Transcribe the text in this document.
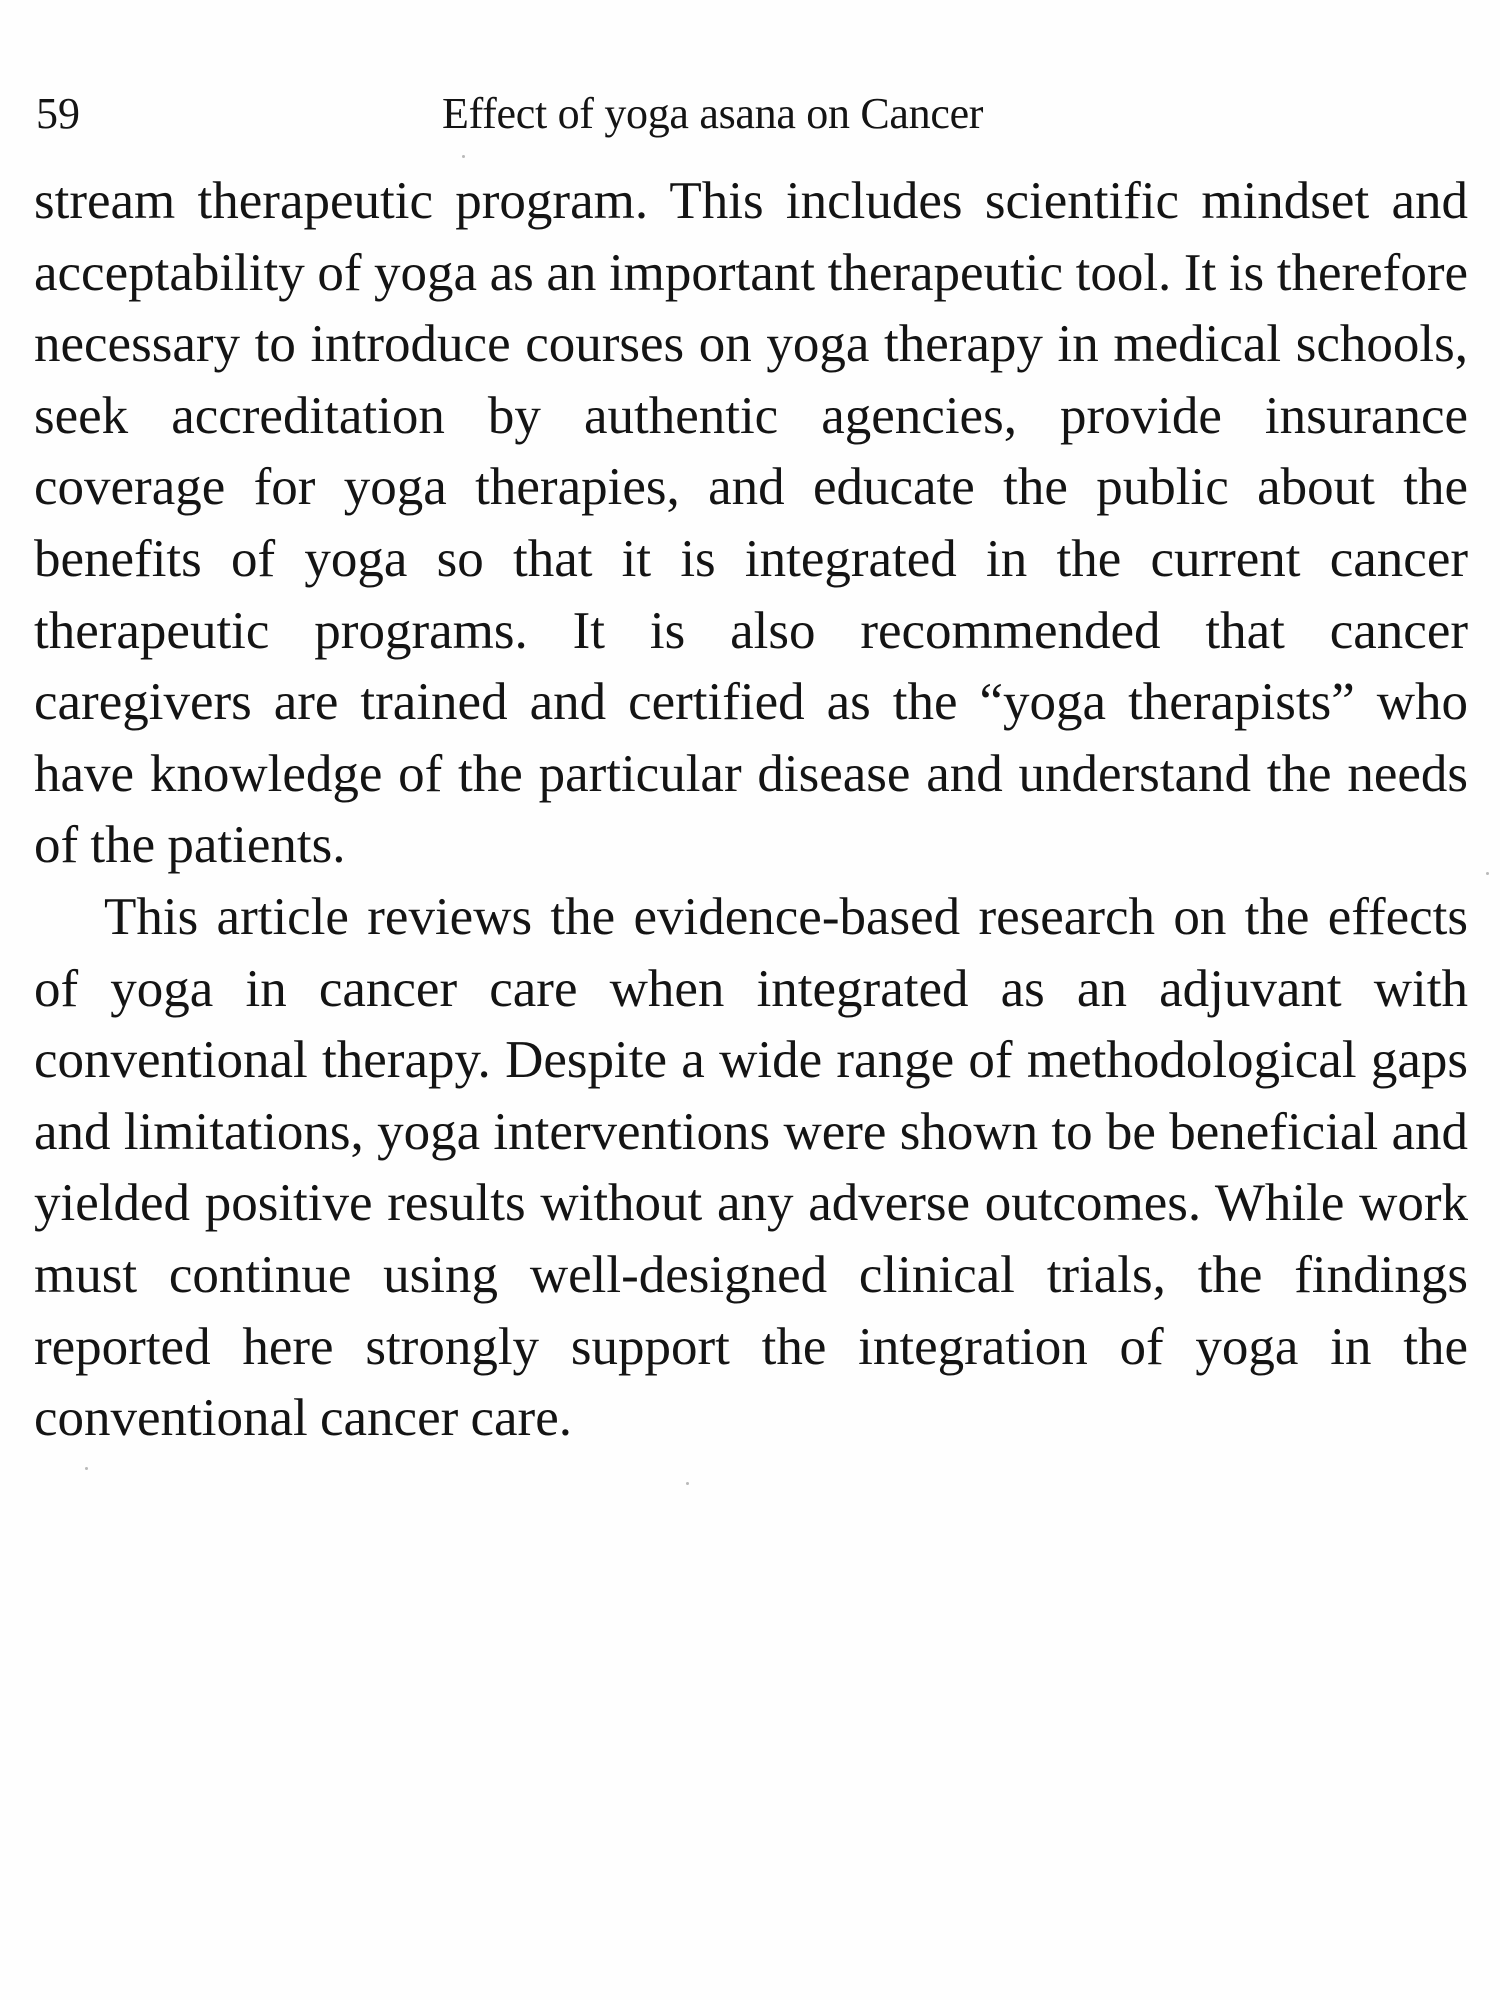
59	Effect of yoga asana on Cancer

stream therapeutic program. This includes scientific mindset and acceptability of yoga as an important therapeutic tool. It is therefore necessary to introduce courses on yoga therapy in medical schools, seek accreditation by authentic agencies, provide insurance coverage for yoga therapies, and educate the public about the benefits of yoga so that it is integrated in the current cancer therapeutic programs. It is also recommended that cancer caregivers are trained and certified as the “yoga therapists” who have knowledge of the particular disease and understand the needs of the patients.

This article reviews the evidence-based research on the effects of yoga in cancer care when integrated as an adjuvant with conventional therapy. Despite a wide range of methodological gaps and limitations, yoga interventions were shown to be beneficial and yielded positive results without any adverse outcomes. While work must continue using well-designed clinical trials, the findings reported here strongly support the integration of yoga in the conventional cancer care.
